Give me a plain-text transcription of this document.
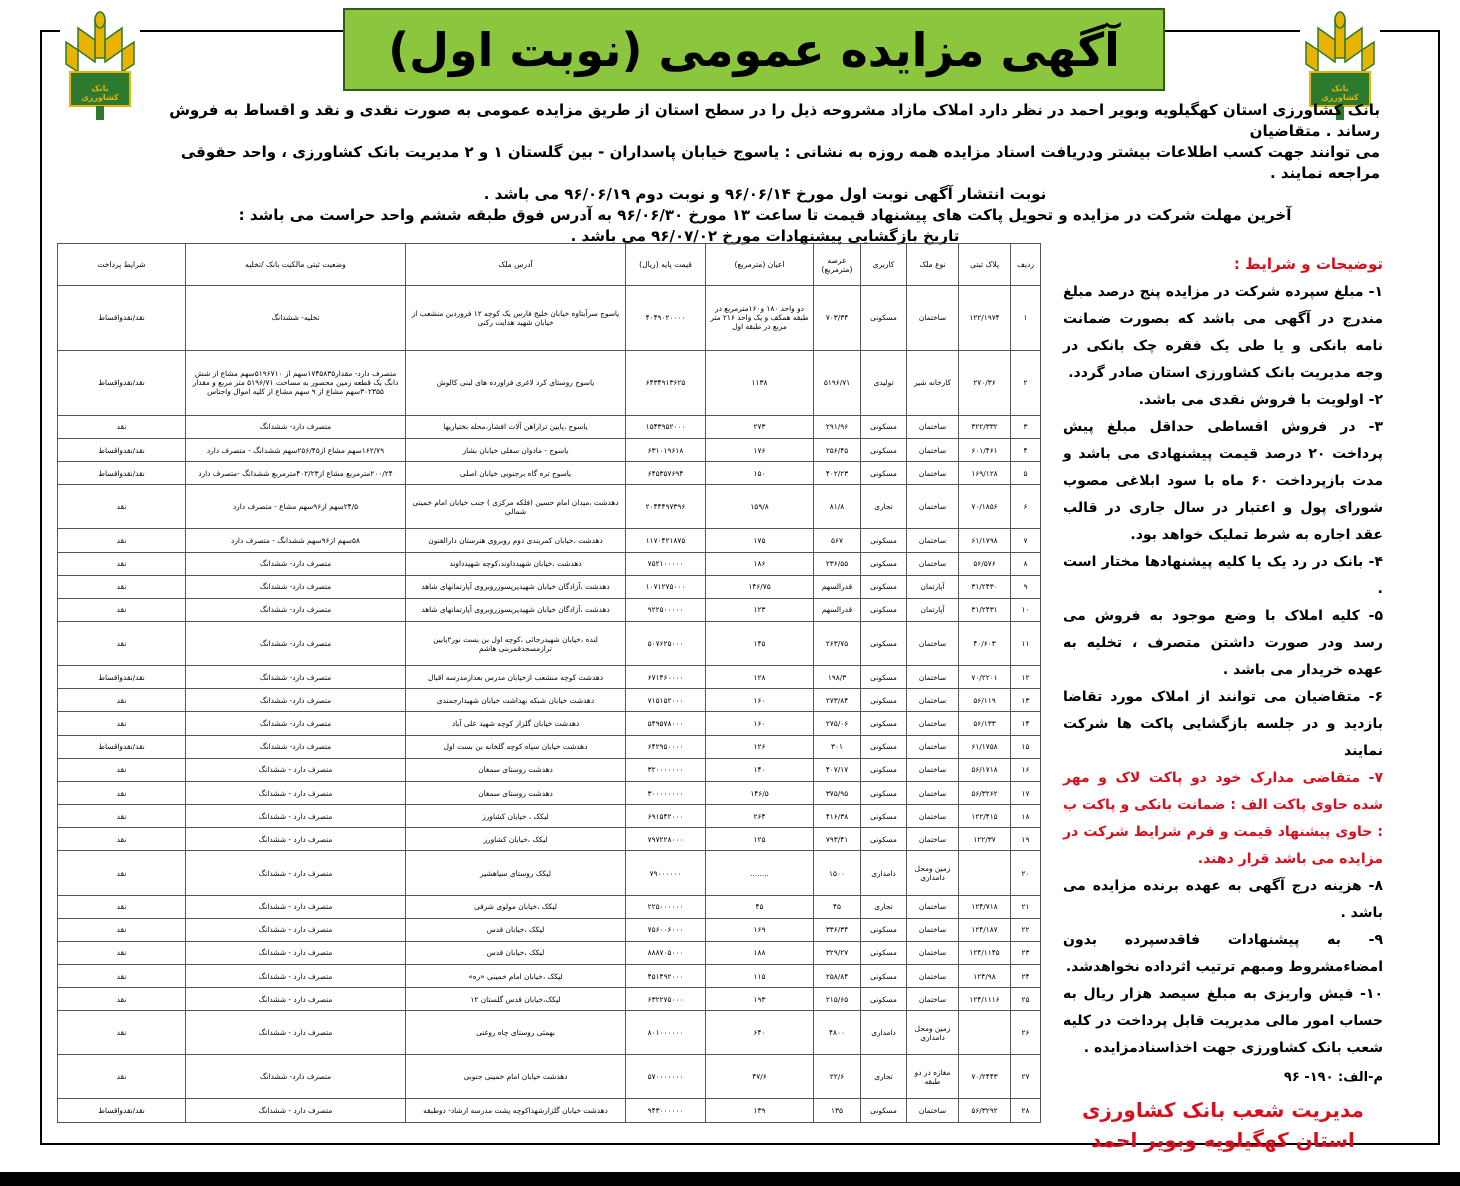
بانک کشاورزی
بانک کشاورزی
آگهی مزایده عمومی (نوبت اول)

بانک کشاورزی استان کهگیلویه وبویر احمد در نظر دارد املاک مازاد مشروحه ذیل را در سطح استان از طریق مزایده عمومی به صورت نقدی و نقد و اقساط به فروش رساند . متقاضیان

می توانند جهت کسب اطلاعات بیشتر ودریافت اسناد مزایده همه روزه به نشانی : یاسوج خیابان پاسداران - بین گلستان ۱ و ۲ مدیریت بانک کشاورزی ، واحد حقوقی مراجعه نمایند .

نوبت انتشار آگهی نوبت اول مورخ ۹۶/۰۶/۱۴ و نوبت دوم ۹۶/۰۶/۱۹ می باشد .

آخرین مهلت شرکت در مزایده و تحویل پاکت های پیشنهاد قیمت تا ساعت ۱۳ مورخ ۹۶/۰۶/۳۰ به آدرس فوق طبقه ششم واحد حراست می باشد :

تاریخ بازگشایی پیشنهادات مورخ ۹۶/۰۷/۰۲ می باشد .

ردیف	پلاک ثبتی	نوع ملک	کاربری	عرصه (مترمربع)	اعیان (مترمربع)	قیمت پایه (ریال)	آدرس ملک	وضعیت ثبتی مالکیت بانک /تخلیه	شرایط پرداخت
۱	۱۲۲/۱۹۷۴	ساختمان	مسکونی	۷۰۳/۳۴	دو واحد ۱۸۰ و۱۶۰مترمربع در طبقه همکف و یک واحد ۲۱۶ متر مربع در طبقه اول	۴۰۴۹۰۲۰۰۰۰	یاسوج سرآبتاوه خیابان خلیج فارس یک کوچه ۱۲ فروردین منشعب از خیابان شهید هدایت رکنی	تخلیه- ششدانگ	نقد/نقدواقساط
۲	۲۷۰/۳۶	کارخانه شیر	تولیدی	۵۱۹۶/۷۱	۱۱۳۸	۶۴۳۴۹۱۳۶۲۵	یاسوج روستای کرد لاغری فراورده های لبنی کالوش	متصرف دارد- مقدار۱۷۴۵۸۳۵سهم از ۵۱۹۶۷۱۰سهم مشاع از شش دانگ یک قطعه زمین محصور به مساحت ۵۱۹۶/۷۱ متر مربع و مقدار ۳۰۲۳۵۵سهم مشاع از ۹ سهم مشاع از کلیه اموال واجناس	نقد/نقدواقساط
۳	۳۲۲/۳۳۲	ساختمان	مسکونی	۲۹۱/۹۶	۲۷۳	۱۵۴۳۹۵۲۰۰۰	یاسوج ،پایین ترازاهن آلات افشار،محله بختیاریها	متصرف دارد- ششدانگ	نقد
۴	۶۰۱/۴۶۱	ساختمان	مسکونی	۲۵۶/۴۵	۱۷۶	۶۳۱۰۱۹۶۱۸	یاسوج - مادوان سفلی خیابان بشار	۱۶۲/۷۹سهم مشاع از۲۵۶/۴۵سهم ششدانگ - متصرف دارد	نقد/نقدواقساط
۵	۱۶۹/۱۲۸	ساختمان	مسکونی	۴۰۲/۲۳	۱۵۰	۶۴۵۳۵۷۶۹۴	یاسوج تره گاه برجنوبی خیابان اصلی	۲۰۰/۲۴مترمربع مشاع از۴۰۲/۲۳مترمربع ششدانگ -متصرف دارد	نقد/نقدواقساط
۶	۷۰/۱۸۵۶	ساختمان	تجاری	۸۱/۸	۱۵۹/۸	۲۰۴۴۴۹۷۳۹۶	دهدشت ،میدان امام حسین (فلکه مرکزی ) جنب خیابان امام خمینی شمالی	۲۴/۵سهم از۹۶سهم مشاع - متصرف دارد	نقد
۷	۶۱/۱۷۹۸	ساختمان	مسکونی	۵۶۷	۱۷۵	۱۱۷۰۴۲۱۸۷۵	دهدشت ،خیابان کمربندی دوم روبروی هنرستان دارالفنون	۵۸سهم از۹۶سهم ششدانگ - متصرف دارد	نقد
۸	۵۶/۵۷۶	ساختمان	مسکونی	۲۳۶/۵۵	۱۸۶	۷۵۲۱۰۰۰۰۰	دهدشت ،خیابان شهیدداوند،کوچه شهیدداوند	متصرف دارد- ششدانگ	نقد
۹	۳۱/۲۴۳۰	آپارتمان	مسکونی	قدرالسهم	۱۴۶/۷۵	۱۰۷۱۲۷۵۰۰۰	دهدشت ،آزادگان خیابان شهیدپریسوزروبروی آپارتمانهای شاهد	متصرف دارد- ششدانگ	نقد
۱۰	۳۱/۲۴۳۱	آپارتمان	مسکونی	قدرالسهم	۱۲۳	۹۲۲۵۰۰۰۰۰	دهدشت ،آزادگان خیابان شهیدپریسوزروبروی آپارتمانهای شاهد	متصرف دارد- ششدانگ	نقد
۱۱	۴۰/۶۰۳	ساختمان	مسکونی	۲۶۳/۷۵	۱۴۵	۵۰۷۶۲۵۰۰۰	لنده ،خیابان شهیدرجائی ،کوچه اول بن بست نور۲پایین ترازمسجدقمربنی هاشم	متصرف دارد- ششدانگ	نقد
۱۲	۷۰/۲۲۰۱	ساختمان	مسکونی	۱۹۸/۳	۱۲۸	۶۷۱۴۶۰۰۰۰	دهدشت کوچه منشعب ازخیابان مدرس بعدازمدرسه اقبال	متصرف دارد- ششدانگ	نقد/نقدواقساط
۱۳	۵۶/۱۱۹	ساختمان	مسکونی	۲۷۳/۸۴	۱۶۰	۷۱۵۱۵۲۰۰۰	دهدشت خیابان شبکه بهداشت خیابان شهیدارجمندی	متصرف دارد- ششدانگ	نقد
۱۴	۵۶/۱۳۳	ساختمان	مسکونی	۲۷۵/۰۶	۱۶۰	۵۴۹۵۷۸۰۰۰	دهدشت خیابان گلزار کوچه شهید علی آباد	متصرف دارد- ششدانگ	نقد
۱۵	۶۱/۱۷۵۸	ساختمان	مسکونی	۳۰۱	۱۲۶	۶۴۲۹۵۰۰۰۰	دهدشت خیابان سپاه کوچه گلخانه بن بست اول	متصرف دارد- ششدانگ	نقد/نقدواقساط
۱۶	۵۶/۱۷۱۸	ساختمان	مسکونی	۴۰۷/۱۷	۱۴۰	۳۲۰۰۰۰۰۰۰	دهدشت روستای سمغان	متصرف دارد - ششدانگ	نقد
۱۷	۵۶/۳۲۶۲	ساختمان	مسکونی	۳۷۵/۹۵	۱۴۶/۵	۳۰۰۰۰۰۰۰۰	دهدشت روستای سمغان	متصرف دارد - ششدانگ	نقد
۱۸	۱۲۲/۴۱۵	ساختمان	مسکونی	۴۱۶/۳۸	۲۶۴	۶۹۱۵۴۲۰۰۰	لیکک ، خیابان کشاورز	متصرف دارد - ششدانگ	نقد
۱۹	۱۲۲/۳۷	ساختمان	مسکونی	۷۹۳/۴۱	۱۲۵	۷۹۷۲۲۸۰۰۰	لیکک ،خیابان کشاورز	متصرف دارد - ششدانگ	نقد
۲۰		زمین ومحل دامداری	دامداری	۱۵۰۰	........	۷۹۰۰۰۰۰۰	لیکک روستای سیاهشیر	متصرف دارد - ششدانگ	نقد
۲۱	۱۲۴/۷۱۸	ساختمان	تجاری	۴۵	۴۵	۲۲۵۰۰۰۰۰۰	لیکک ،خیابان مولوی شرقی	متصرف دارد - ششدانگ	نقد
۲۲	۱۲۴/۱۸۷	ساختمان	مسکونی	۳۳۶/۳۴	۱۶۹	۷۵۶۰۰۶۰۰۰	لیکک ،خیابان قدس	متصرف دارد - ششدانگ	نقد
۲۳	۱۲۴/۱۱۴۵	ساختمان	مسکونی	۳۲۹/۲۷	۱۸۸	۸۸۸۷۰۵۰۰۰	لیکک ،خیابان قدس	متصرف دارد - ششدانگ	نقد
۲۴	۱۲۴/۹۸	ساختمان	مسکونی	۲۵۸/۸۴	۱۱۵	۴۵۱۴۹۲۰۰۰	لیکک ،خیابان امام خمینی «ره»	متصرف دارد - ششدانگ	نقد
۲۵	۱۲۴/۱۱۱۶	ساختمان	مسکونی	۲۱۵/۶۵	۱۹۳	۶۳۲۲۷۵۰۰۰	لیکک،خیابان قدس گلستان ۱۲	متصرف دارد - ششدانگ	نقد
۲۶		زمین ومحل دامداری	دامداری	۴۸۰۰	۶۴۰	۸۰۱۰۰۰۰۰۰	بهمئی روستای چاه روغنی	متصرف دارد - ششدانگ	نقد
۲۷	۷۰/۲۴۴۳	مغازه در دو طبقه	تجاری	۲۲/۶	۴۷/۶	۵۷۰۰۰۰۰۰۰	دهدشت خیابان امام خمینی جنوبی	متصرف دارد- ششدانگ	نقد
۲۸	۵۶/۳۲۹۲	ساختمان	مسکونی	۱۳۵	۱۳۹	۹۴۳۰۰۰۰۰۰	دهدشت خیابان گلزارشهداکوچه پشت مدرسه ارشاد- دوطبقه	متصرف دارد - ششدانگ	نقد/نقدواقساط
توضیحات و شرایط :
۱- مبلغ سپرده شرکت در مزایده پنج درصد مبلغ مندرج در آگهی می باشد که بصورت ضمانت نامه بانکی و یا طی یک فقره چک بانکی در وجه مدیریت بانک کشاورزی استان صادر گردد.
۲- اولویت با فروش نقدی می باشد.
۳- در فروش اقساطی حداقل مبلغ پیش پرداخت ۲۰ درصد قیمت پیشنهادی می باشد و مدت بازپرداخت ۶۰ ماه با سود ابلاغی مصوب شورای پول و اعتبار در سال جاری در قالب عقد اجاره به شرط تملیک خواهد بود.
۴- بانک در رد یک یا کلیه پیشنهادها مختار است .
۵- کلیه املاک با وضع موجود به فروش می رسد ودر صورت داشتن متصرف ، تخلیه به عهده خریدار می باشد .
۶- متقاضیان می توانند از املاک مورد تقاضا بازدید و در جلسه بازگشایی پاکت ها شرکت نمایند
۷- متقاضی مدارک خود دو پاکت لاک و مهر شده حاوی پاکت الف : ضمانت بانکی و پاکت ب : حاوی پیشنهاد قیمت و فرم شرایط شرکت در مزایده می باشد قرار دهند.
۸- هزینه درج آگهی به عهده برنده مزایده می باشد .
۹- به پیشنهادات فاقدسپرده بدون امضاءمشروط ومبهم ترتیب اثرداده نخواهدشد.
۱۰- فیش واریزی به مبلغ سیصد هزار ریال به حساب امور مالی مدیریت قابل پرداخت در کلیه شعب بانک کشاورزی جهت اخذاسنادمزایده .
م-الف: ۱۹۰- ۹۶
مدیریت شعب بانک کشاورزی
استان کهگیلویه وبویر احمد
